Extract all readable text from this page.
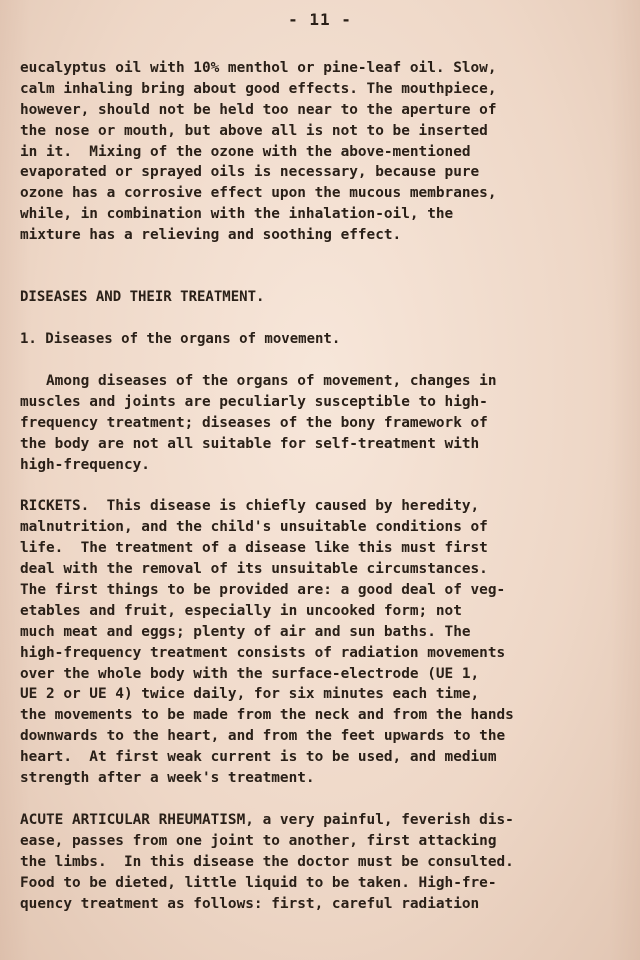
- 11 -
eucalyptus oil with 10% menthol or pine-leaf oil. Slow,
calm inhaling bring about good effects. The mouthpiece,
however, should not be held too near to the aperture of
the nose or mouth, but above all is not to be inserted
in it.  Mixing of the ozone with the above-mentioned
evaporated or sprayed oils is necessary, because pure
ozone has a corrosive effect upon the mucous membranes,
while, in combination with the inhalation-oil, the
mixture has a relieving and soothing effect.
DISEASES AND THEIR TREATMENT.
1. Diseases of the organs of movement.
Among diseases of the organs of movement, changes in
muscles and joints are peculiarly susceptible to high-
frequency treatment; diseases of the bony framework of
the body are not all suitable for self-treatment with
high-frequency.
RICKETS.  This disease is chiefly caused by heredity,
malnutrition, and the child's unsuitable conditions of
life.  The treatment of a disease like this must first
deal with the removal of its unsuitable circumstances.
The first things to be provided are: a good deal of veg-
etables and fruit, especially in uncooked form; not
much meat and eggs; plenty of air and sun baths. The
high-frequency treatment consists of radiation movements
over the whole body with the surface-electrode (UE 1,
UE 2 or UE 4) twice daily, for six minutes each time,
the movements to be made from the neck and from the hands
downwards to the heart, and from the feet upwards to the
heart.  At first weak current is to be used, and medium
strength after a week's treatment.
ACUTE ARTICULAR RHEUMATISM, a very painful, feverish dis-
ease, passes from one joint to another, first attacking
the limbs.  In this disease the doctor must be consulted.
Food to be dieted, little liquid to be taken. High-fre-
quency treatment as follows: first, careful radiation
